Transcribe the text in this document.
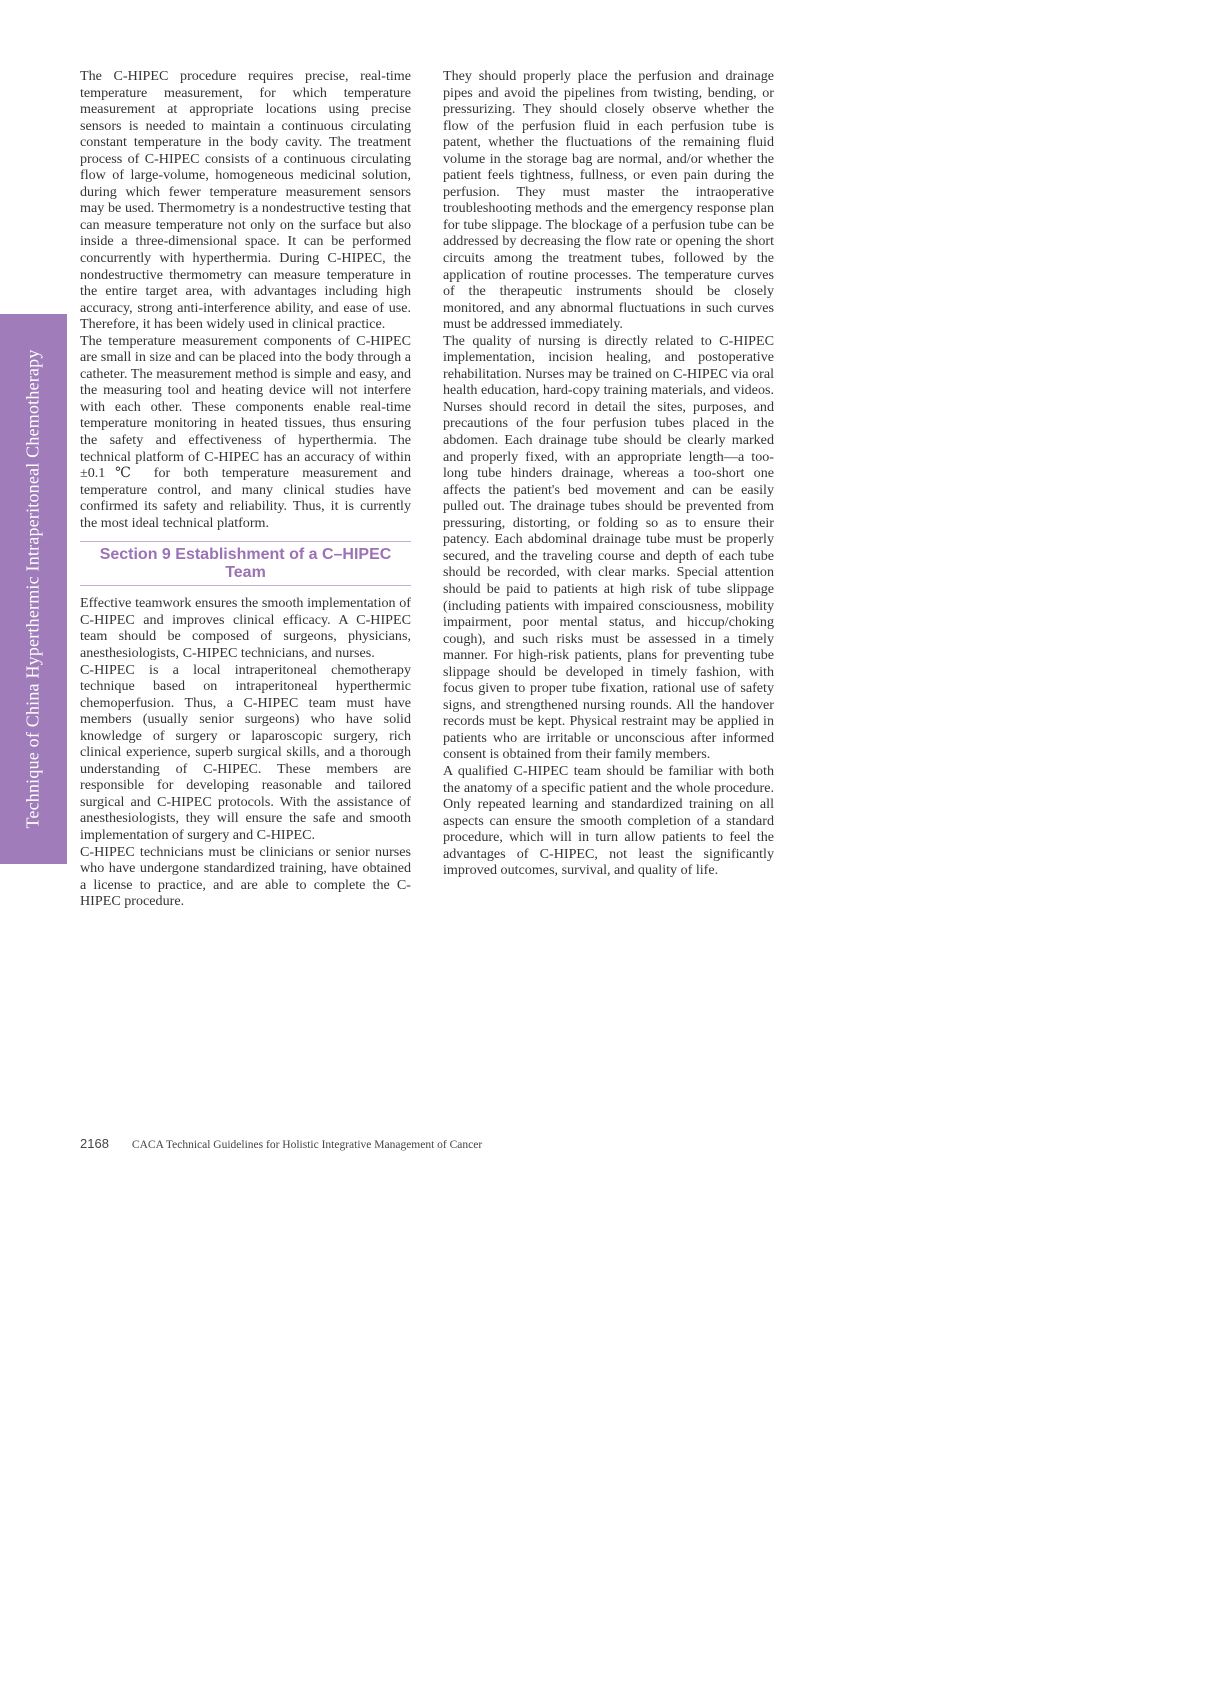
Technique of China Hyperthermic Intraperitoneal Chemotherapy

The C-HIPEC procedure requires precise, real-time temperature measurement, for which temperature measurement at appropriate locations using precise sensors is needed to maintain a continuous circulating constant temperature in the body cavity. The treatment process of C-HIPEC consists of a continuous circulating flow of large-volume, homogeneous medicinal solution, during which fewer temperature measurement sensors may be used. Thermometry is a nondestructive testing that can measure temperature not only on the surface but also inside a three-dimensional space. It can be performed concurrently with hyperthermia. During C-HIPEC, the nondestructive thermometry can measure temperature in the entire target area, with advantages including high accuracy, strong anti-interference ability, and ease of use. Therefore, it has been widely used in clinical practice.

The temperature measurement components of C-HIPEC are small in size and can be placed into the body through a catheter. The measurement method is simple and easy, and the measuring tool and heating device will not interfere with each other. These components enable real-time temperature monitoring in heated tissues, thus ensuring the safety and effectiveness of hyperthermia. The technical platform of C-HIPEC has an accuracy of within ±0.1℃ for both temperature measurement and temperature control, and many clinical studies have confirmed its safety and reliability. Thus, it is currently the most ideal technical platform.

Section 9 Establishment of a C–HIPEC Team

Effective teamwork ensures the smooth implementation of C-HIPEC and improves clinical efficacy. A C-HIPEC team should be composed of surgeons, physicians, anesthesiologists, C-HIPEC technicians, and nurses.

C-HIPEC is a local intraperitoneal chemotherapy technique based on intraperitoneal hyperthermic chemoperfusion. Thus, a C-HIPEC team must have members (usually senior surgeons) who have solid knowledge of surgery or laparoscopic surgery, rich clinical experience, superb surgical skills, and a thorough understanding of C-HIPEC. These members are responsible for developing reasonable and tailored surgical and C-HIPEC protocols. With the assistance of anesthesiologists, they will ensure the safe and smooth implementation of surgery and C-HIPEC.

C-HIPEC technicians must be clinicians or senior nurses who have undergone standardized training, have obtained a license to practice, and are able to complete the C-HIPEC procedure.

They should properly place the perfusion and drainage pipes and avoid the pipelines from twisting, bending, or pressurizing. They should closely observe whether the flow of the perfusion fluid in each perfusion tube is patent, whether the fluctuations of the remaining fluid volume in the storage bag are normal, and/or whether the patient feels tightness, fullness, or even pain during the perfusion. They must master the intraoperative troubleshooting methods and the emergency response plan for tube slippage. The blockage of a perfusion tube can be addressed by decreasing the flow rate or opening the short circuits among the treatment tubes, followed by the application of routine processes. The temperature curves of the therapeutic instruments should be closely monitored, and any abnormal fluctuations in such curves must be addressed immediately.

The quality of nursing is directly related to C-HIPEC implementation, incision healing, and postoperative rehabilitation. Nurses may be trained on C-HIPEC via oral health education, hard-copy training materials, and videos. Nurses should record in detail the sites, purposes, and precautions of the four perfusion tubes placed in the abdomen. Each drainage tube should be clearly marked and properly fixed, with an appropriate length—a too-long tube hinders drainage, whereas a too-short one affects the patient's bed movement and can be easily pulled out. The drainage tubes should be prevented from pressuring, distorting, or folding so as to ensure their patency. Each abdominal drainage tube must be properly secured, and the traveling course and depth of each tube should be recorded, with clear marks. Special attention should be paid to patients at high risk of tube slippage (including patients with impaired consciousness, mobility impairment, poor mental status, and hiccup/choking cough), and such risks must be assessed in a timely manner. For high-risk patients, plans for preventing tube slippage should be developed in timely fashion, with focus given to proper tube fixation, rational use of safety signs, and strengthened nursing rounds. All the handover records must be kept. Physical restraint may be applied in patients who are irritable or unconscious after informed consent is obtained from their family members.

A qualified C-HIPEC team should be familiar with both the anatomy of a specific patient and the whole procedure. Only repeated learning and standardized training on all aspects can ensure the smooth completion of a standard procedure, which will in turn allow patients to feel the advantages of C-HIPEC, not least the significantly improved outcomes, survival, and quality of life.

2168 CACA Technical Guidelines for Holistic Integrative Management of Cancer
